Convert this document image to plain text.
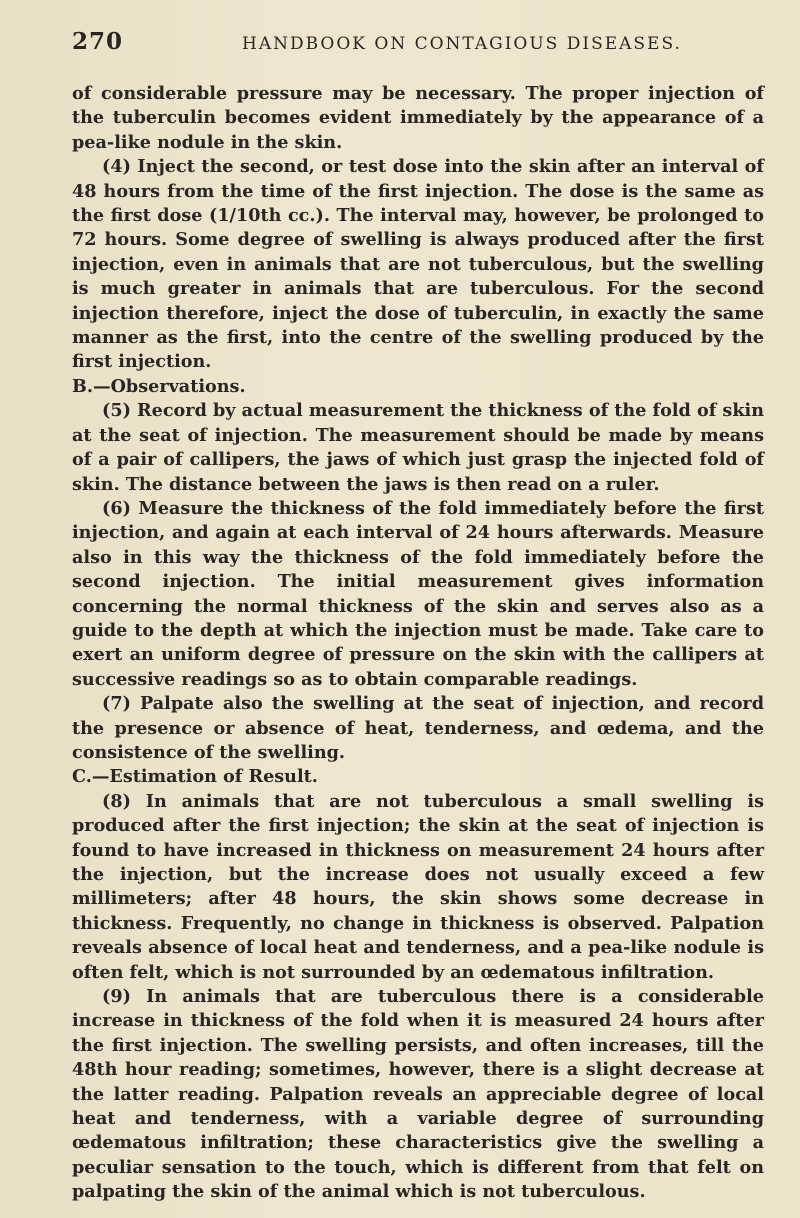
270	HANDBOOK ON CONTAGIOUS DISEASES.

of considerable pressure may be necessary. The proper injection of the tuberculin becomes evident immediately by the appearance of a pea-like nodule in the skin.

(4) Inject the second, or test dose into the skin after an interval of 48 hours from the time of the first injection. The dose is the same as the first dose (1/10th cc.). The interval may, however, be prolonged to 72 hours. Some degree of swelling is always produced after the first injection, even in animals that are not tuberculous, but the swelling is much greater in animals that are tuberculous. For the second injection therefore, inject the dose of tuberculin, in exactly the same manner as the first, into the centre of the swelling produced by the first injection.

B.—Observations.

(5) Record by actual measurement the thickness of the fold of skin at the seat of injection. The measurement should be made by means of a pair of callipers, the jaws of which just grasp the injected fold of skin. The distance between the jaws is then read on a ruler.

(6) Measure the thickness of the fold immediately before the first injection, and again at each interval of 24 hours afterwards. Measure also in this way the thickness of the fold immediately before the second injection. The initial measurement gives information concerning the normal thickness of the skin and serves also as a guide to the depth at which the injection must be made. Take care to exert an uniform degree of pressure on the skin with the callipers at successive readings so as to obtain comparable readings.

(7) Palpate also the swelling at the seat of injection, and record the presence or absence of heat, tenderness, and œdema, and the consistence of the swelling.

C.—Estimation of Result.

(8) In animals that are not tuberculous a small swelling is produced after the first injection; the skin at the seat of injection is found to have increased in thickness on measurement 24 hours after the injection, but the increase does not usually exceed a few millimeters; after 48 hours, the skin shows some decrease in thickness. Frequently, no change in thickness is observed. Palpation reveals absence of local heat and tenderness, and a pea-like nodule is often felt, which is not surrounded by an œdematous infiltration.

(9) In animals that are tuberculous there is a considerable increase in thickness of the fold when it is measured 24 hours after the first injection. The swelling persists, and often increases, till the 48th hour reading; sometimes, however, there is a slight decrease at the latter reading. Palpation reveals an appreciable degree of local heat and tenderness, with a variable degree of surrounding œdematous infiltration; these characteristics give the swelling a peculiar sensation to the touch, which is different from that felt on palpating the skin of the animal which is not tuberculous.
